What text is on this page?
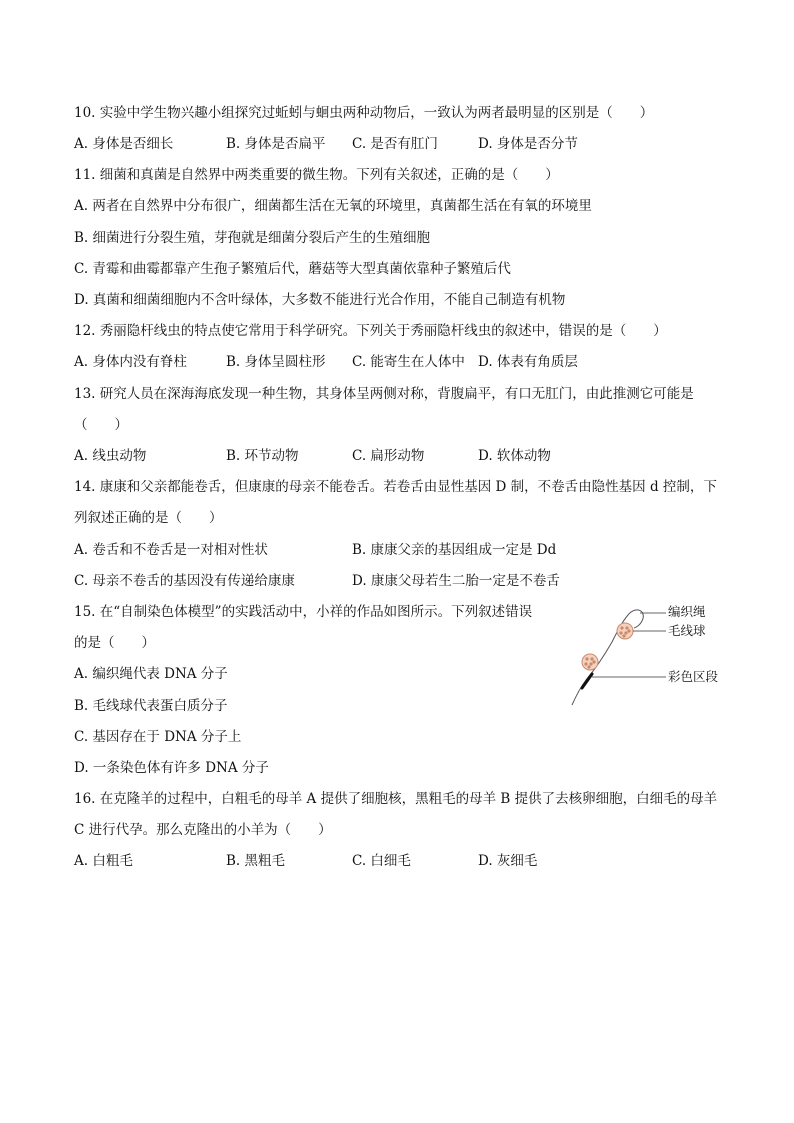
10. 实验中学生物兴趣小组探究过蚯蚓与蛔虫两种动物后，一致认为两者最明显的区别是（　　）
A. 身体是否细长	B. 身体是否扁平 C. 是否有肛门	D. 身体是否分节
11. 细菌和真菌是自然界中两类重要的微生物。下列有关叙述，正确的是（　　）
A. 两者在自然界中分布很广，细菌都生活在无氧的环境里，真菌都生活在有氧的环境里
B. 细菌进行分裂生殖，芽孢就是细菌分裂后产生的生殖细胞
C. 青霉和曲霉都靠产生孢子繁殖后代，蘑菇等大型真菌依靠种子繁殖后代
D. 真菌和细菌细胞内不含叶绿体，大多数不能进行光合作用，不能自己制造有机物
12. 秀丽隐杆线虫的特点使它常用于科学研究。下列关于秀丽隐杆线虫的叙述中，错误的是（　　）
A. 身体内没有脊柱	B. 身体呈圆柱形 C. 能寄生在人体中 D. 体表有角质层
13. 研究人员在深海海底发现一种生物，其身体呈两侧对称，背腹扁平，有口无肛门，由此推测它可能是
（　　）
A. 线虫动物	B. 环节动物	C. 扁形动物	D. 软体动物
14. 康康和父亲都能卷舌，但康康的母亲不能卷舌。若卷舌由显性基因 D 制，不卷舌由隐性基因 d 控制，下
列叙述正确的是（　　）
A. 卷舌和不卷舌是一对相对性状	B. 康康父亲的基因组成一定是 Dd
C. 母亲不卷舌的基因没有传递给康康	D. 康康父母若生二胎一定是不卷舌
15. 在“自制染色体模型”的实践活动中，小祥的作品如图所示。下列叙述错误
的是（　　）
A. 编织绳代表 DNA 分子
B. 毛线球代表蛋白质分子
C. 基因存在于 DNA 分子上
D. 一条染色体有许多 DNA 分子
编织绳
毛线球
彩色区段
16. 在克隆羊的过程中，白粗毛的母羊 A 提供了细胞核，黑粗毛的母羊 B 提供了去核卵细胞，白细毛的母羊
C 进行代孕。那么克隆出的小羊为（　　）
A. 白粗毛	B. 黑粗毛	C. 白细毛	D. 灰细毛
